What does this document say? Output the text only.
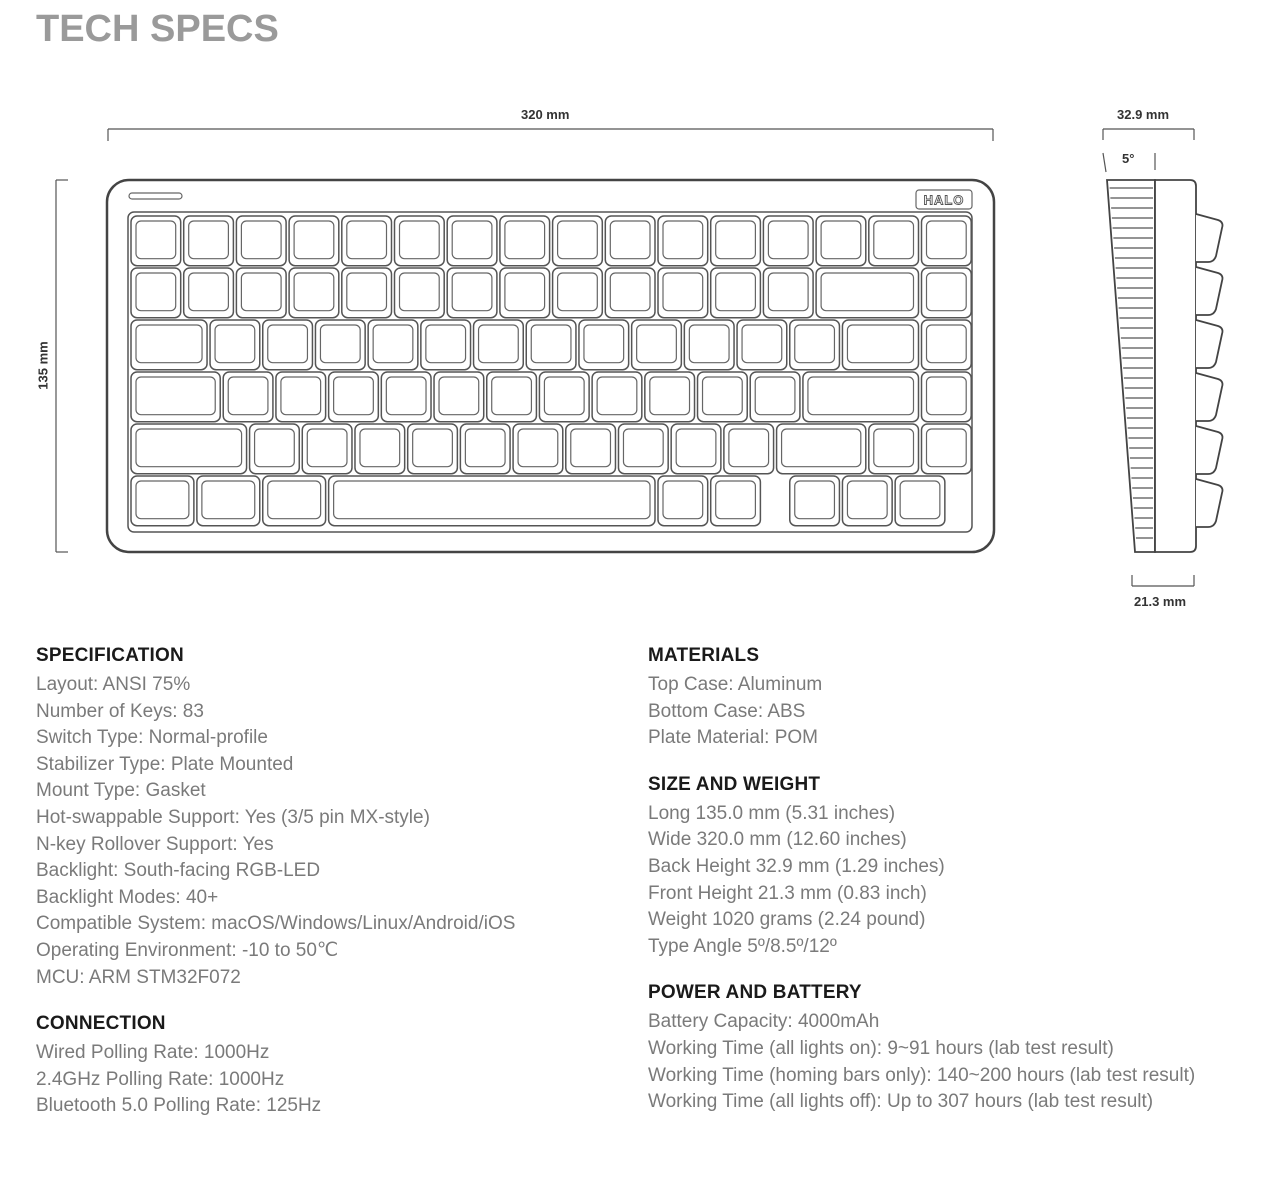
TECH SPECS
320 mm
135 mm
32.9 mm
5°
21.3 mm
HALO
SPECIFICATION
Layout: ANSI 75%
Number of Keys: 83
Switch Type: Normal-profile
Stabilizer Type: Plate Mounted
Mount Type: Gasket
Hot-swappable Support: Yes (3/5 pin MX-style)
N-key Rollover Support: Yes
Backlight: South-facing RGB-LED
Backlight Modes: 40+
Compatible System: macOS/Windows/Linux/Android/iOS
Operating Environment: -10 to 50℃
MCU: ARM STM32F072
CONNECTION
Wired Polling Rate: 1000Hz
2.4GHz Polling Rate: 1000Hz
Bluetooth 5.0 Polling Rate: 125Hz
MATERIALS
Top Case: Aluminum
Bottom Case: ABS
Plate Material: POM
SIZE AND WEIGHT
Long 135.0 mm (5.31 inches)
Wide 320.0 mm (12.60 inches)
Back Height 32.9 mm (1.29 inches)
Front Height 21.3 mm (0.83 inch)
Weight 1020 grams (2.24 pound)
Type Angle 5º/8.5º/12º
POWER AND BATTERY
Battery Capacity: 4000mAh
Working Time (all lights on): 9~91 hours (lab test result)
Working Time (homing bars only): 140~200 hours (lab test result)
Working Time (all lights off): Up to 307 hours (lab test result)
